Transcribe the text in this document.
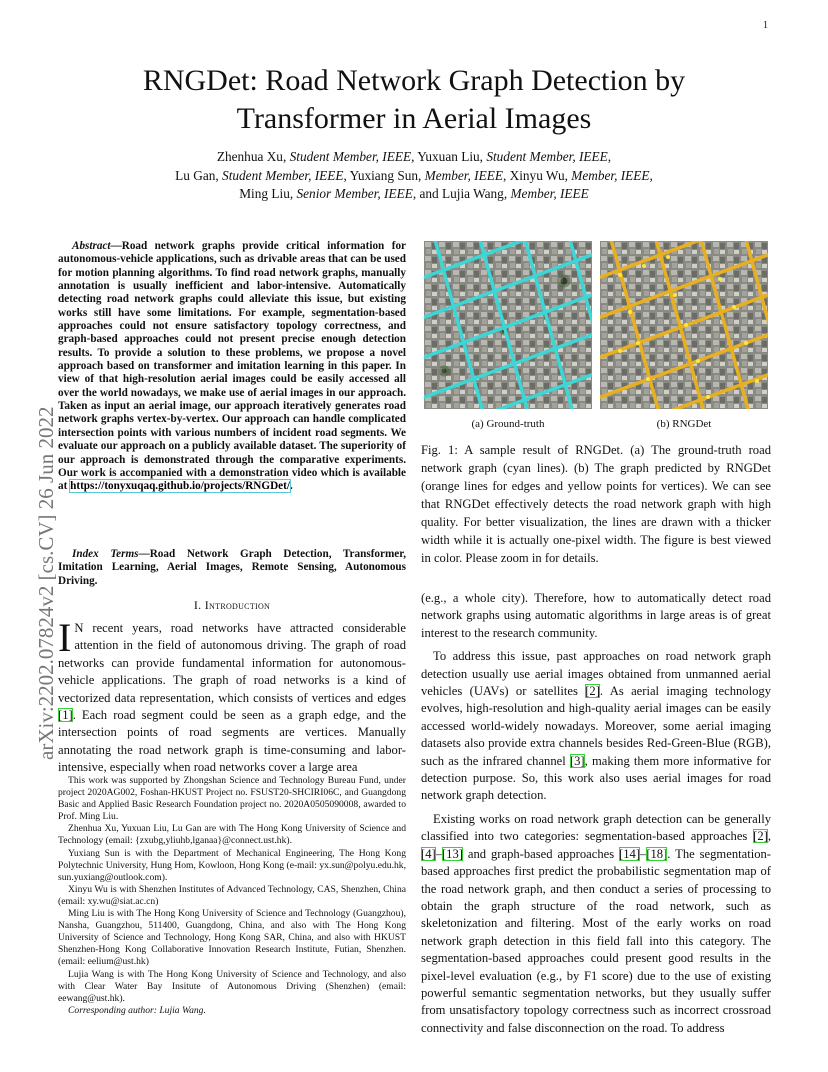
1
arXiv:2202.07824v2 [cs.CV] 26 Jun 2022
RNGDet: Road Network Graph Detection by
Transformer in Aerial Images
Zhenhua Xu, Student Member, IEEE, Yuxuan Liu, Student Member, IEEE,
Lu Gan, Student Member, IEEE, Yuxiang Sun, Member, IEEE, Xinyu Wu, Member, IEEE,
Ming Liu, Senior Member, IEEE, and Lujia Wang, Member, IEEE
Abstract—Road network graphs provide critical information for autonomous-vehicle applications, such as drivable areas that can be used for motion planning algorithms. To find road network graphs, manually annotation is usually inefficient and labor-intensive. Automatically detecting road network graphs could alleviate this issue, but existing works still have some limitations. For example, segmentation-based approaches could not ensure satisfactory topology correctness, and graph-based approaches could not present precise enough detection results. To provide a solution to these problems, we propose a novel approach based on transformer and imitation learning in this paper. In view of that high-resolution aerial images could be easily accessed all over the world nowadays, we make use of aerial images in our approach. Taken as input an aerial image, our approach iteratively generates road network graphs vertex-by-vertex. Our approach can handle complicated intersection points with various numbers of incident road segments. We evaluate our approach on a publicly available dataset. The superiority of our approach is demonstrated through the comparative experiments. Our work is accompanied with a demonstration video which is available at https://tonyxuqaq.github.io/projects/RNGDet/.
Index Terms—Road Network Graph Detection, Transformer, Imitation Learning, Aerial Images, Remote Sensing, Autonomous Driving.
I. Introduction
I N recent years, road networks have attracted considerable attention in the field of autonomous driving. The graph of road networks can provide fundamental information for autonomous-vehicle applications. The graph of road networks is a kind of vectorized data representation, which consists of vertices and edges [1]. Each road segment could be seen as a graph edge, and the intersection points of road segments are vertices. Manually annotating the road network graph is time-consuming and labor-intensive, especially when road networks cover a large area

This work was supported by Zhongshan Science and Technology Bureau Fund, under project 2020AG002, Foshan-HKUST Project no. FSUST20-SHCIRI06C, and Guangdong Basic and Applied Basic Research Foundation project no. 2020A0505090008, awarded to Prof. Ming Liu.

Zhenhua Xu, Yuxuan Liu, Lu Gan are with The Hong Kong University of Science and Technology (email: {zxubg,yliuhb,lganaa}@connect.ust.hk).

Yuxiang Sun is with the Department of Mechanical Engineering, The Hong Kong Polytechnic University, Hung Hom, Kowloon, Hong Kong (e-mail: yx.sun@polyu.edu.hk, sun.yuxiang@outlook.com).

Xinyu Wu is with Shenzhen Institutes of Advanced Technology, CAS, Shenzhen, China (email: xy.wu@siat.ac.cn)

Ming Liu is with The Hong Kong University of Science and Technology (Guangzhou), Nansha, Guangzhou, 511400, Guangdong, China, and also with The Hong Kong University of Science and Technology, Hong Kong SAR, China, and also with HKUST Shenzhen-Hong Kong Collaborative Innovation Research Institute, Futian, Shenzhen. (email: eelium@ust.hk)

Lujia Wang is with The Hong Kong University of Science and Technology, and also with Clear Water Bay Insitute of Autonomous Driving (Shenzhen) (email: eewang@ust.hk).

Corresponding author: Lujia Wang.

(a) Ground-truth	(b) RNGDet
Fig. 1: A sample result of RNGDet. (a) The ground-truth road network graph (cyan lines). (b) The graph predicted by RNGDet (orange lines for edges and yellow points for vertices). We can see that RNGDet effectively detects the road network graph with high quality. For better visualization, the lines are drawn with a thicker width while it is actually one-pixel width. The figure is best viewed in color. Please zoom in for details.

(e.g., a whole city). Therefore, how to automatically detect road network graphs using automatic algorithms in large areas is of great interest to the research community.

To address this issue, past approaches on road network graph detection usually use aerial images obtained from unmanned aerial vehicles (UAVs) or satellites [2]. As aerial imaging technology evolves, high-resolution and high-quality aerial images can be easily accessed world-widely nowadays. Moreover, some aerial imaging datasets also provide extra channels besides Red-Green-Blue (RGB), such as the infrared channel [3], making them more informative for detection purpose. So, this work also uses aerial images for road network graph detection.

Existing works on road network graph detection can be generally classified into two categories: segmentation-based approaches [2], [4]–[13] and graph-based approaches [14]–[18]. The segmentation-based approaches first predict the probabilistic segmentation map of the road network graph, and then conduct a series of processing to obtain the graph structure of the road network, such as skeletonization and filtering. Most of the early works on road network graph detection in this field fall into this category. The segmentation-based approaches could present good results in the pixel-level evaluation (e.g., by F1 score) due to the use of existing powerful semantic segmentation networks, but they usually suffer from unsatisfactory topology correctness such as incorrect crossroad connectivity and false disconnection on the road. To address
